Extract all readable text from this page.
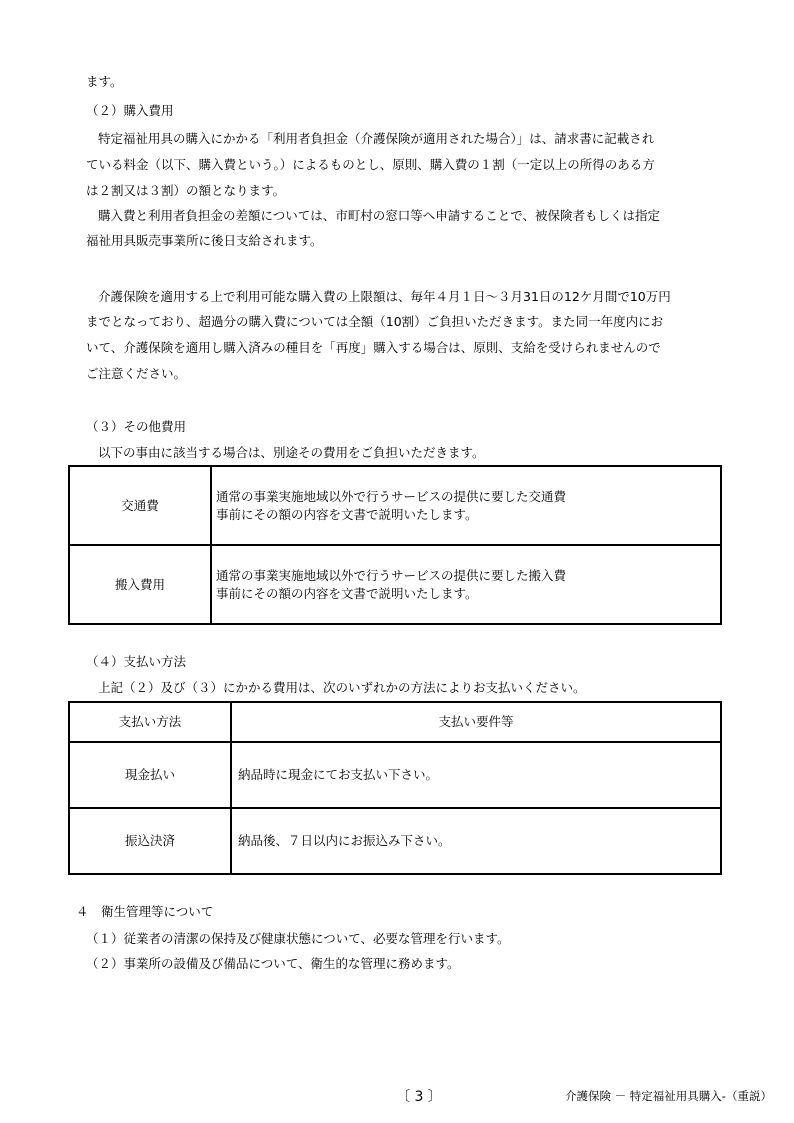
ます。
（２）購入費用
特定福祉用具の購入にかかる「利用者負担金（介護保険が適用された場合）」は、請求書に記載され
ている料金（以下、購入費という。）によるものとし、原則、購入費の１割（一定以上の所得のある方
は２割又は３割）の額となります。
購入費と利用者負担金の差額については、市町村の窓口等へ申請することで、被保険者もしくは指定
福祉用具販売事業所に後日支給されます。
介護保険を適用する上で利用可能な購入費の上限額は、毎年４月１日～３月31日の12ケ月間で10万円
までとなっており、超過分の購入費については全額（10割）ご負担いただきます。また同一年度内にお
いて、介護保険を適用し購入済みの種目を「再度」購入する場合は、原則、支給を受けられませんので
ご注意ください。
（３）その他費用
以下の事由に該当する場合は、別途その費用をご負担いただきます。
交通費	通常の事業実施地域以外で行うサービスの提供に要した交通費
事前にその額の内容を文書で説明いたします。

搬入費用	通常の事業実施地域以外で行うサービスの提供に要した搬入費
事前にその額の内容を文書で説明いたします。
（４）支払い方法
上記（２）及び（３）にかかる費用は、次のいずれかの方法によりお支払いください。
支払い方法	支払い要件等
現金払い	納品時に現金にてお支払い下さい。
振込決済	納品後、７日以内にお振込み下さい。
４　衛生管理等について
（１）従業者の清潔の保持及び健康状態について、必要な管理を行います。
（２）事業所の設備及び備品について、衛生的な管理に務めます。
〔 3 〕	介護保険 － 特定福祉用具購入-（重説）
